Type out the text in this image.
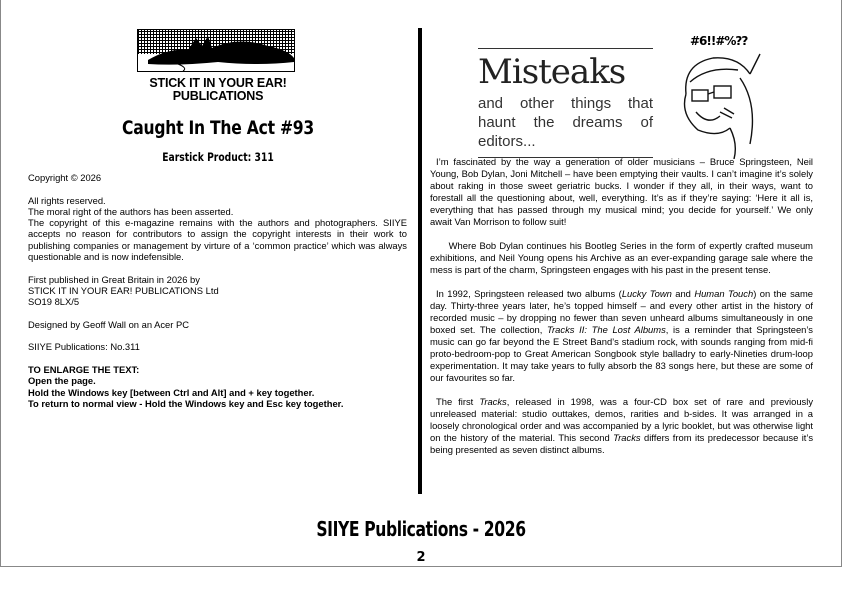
STICK IT IN YOUR EAR!
PUBLICATIONS
Caught In The Act #93
Earstick Product: 311

Copyright © 2026

All rights reserved.
The moral right of the authors has been asserted.
The copyright of this e-magazine remains with the authors and photographers. SIIYE accepts no reason for contributors to assign the copyright interests in their work to publishing companies or management by virture of a ‘common practice’ which was always questionable and is now indefensible.

First published in Great Britain in 2026 by
STICK IT IN YOUR EAR! PUBLICATIONS Ltd
SO19 8LX/5

Designed by Geoff Wall on an Acer PC

SIIYE Publications: No.311

TO ENLARGE THE TEXT:
Open the page.
Hold the Windows key [between Ctrl and Alt] and + key together.
To return to normal view - Hold the Windows key and Esc key together.

Misteaks
and other things that
haunt the dreams of
editors...
#6!!#%??

I’m fascinated by the way a generation of older musicians – Bruce Springsteen, Neil Young, Bob Dylan, Joni Mitchell – have been emptying their vaults. I can’t imagine it’s solely about raking in those sweet geriatric bucks. I wonder if they all, in their ways, want to forestall all the questioning about, well, everything. It’s as if they’re saying: ‘Here it all is, everything that has passed through my musical mind; you decide for yourself.’ We only await Van Morrison to follow suit!

Where Bob Dylan continues his Bootleg Series in the form of expertly crafted museum exhibitions, and Neil Young opens his Archive as an ever-expanding garage sale where the mess is part of the charm, Springsteen engages with his past in the present tense.

In 1992, Springsteen released two albums (Lucky Town and Human Touch) on the same day. Thirty-three years later, he’s topped himself – and every other artist in the history of recorded music – by dropping no fewer than seven unheard albums simultaneously in one boxed set. The collection, Tracks II: The Lost Albums, is a reminder that Springsteen’s music can go far beyond the E Street Band’s stadium rock, with sounds ranging from mid-fi proto-bedroom-pop to Great American Songbook style balladry to early-Nineties drum-loop experimentation. It may take years to fully absorb the 83 songs here, but these are some of our favourites so far.

The first Tracks, released in 1998, was a four-CD box set of rare and previously unreleased material: studio outtakes, demos, rarities and b-sides. It was arranged in a loosely chronological order and was accompanied by a lyric booklet, but was otherwise light on the history of the material. This second Tracks differs from its predecessor because it’s being presented as seven distinct albums.

SIIYE Publications - 2026
2
